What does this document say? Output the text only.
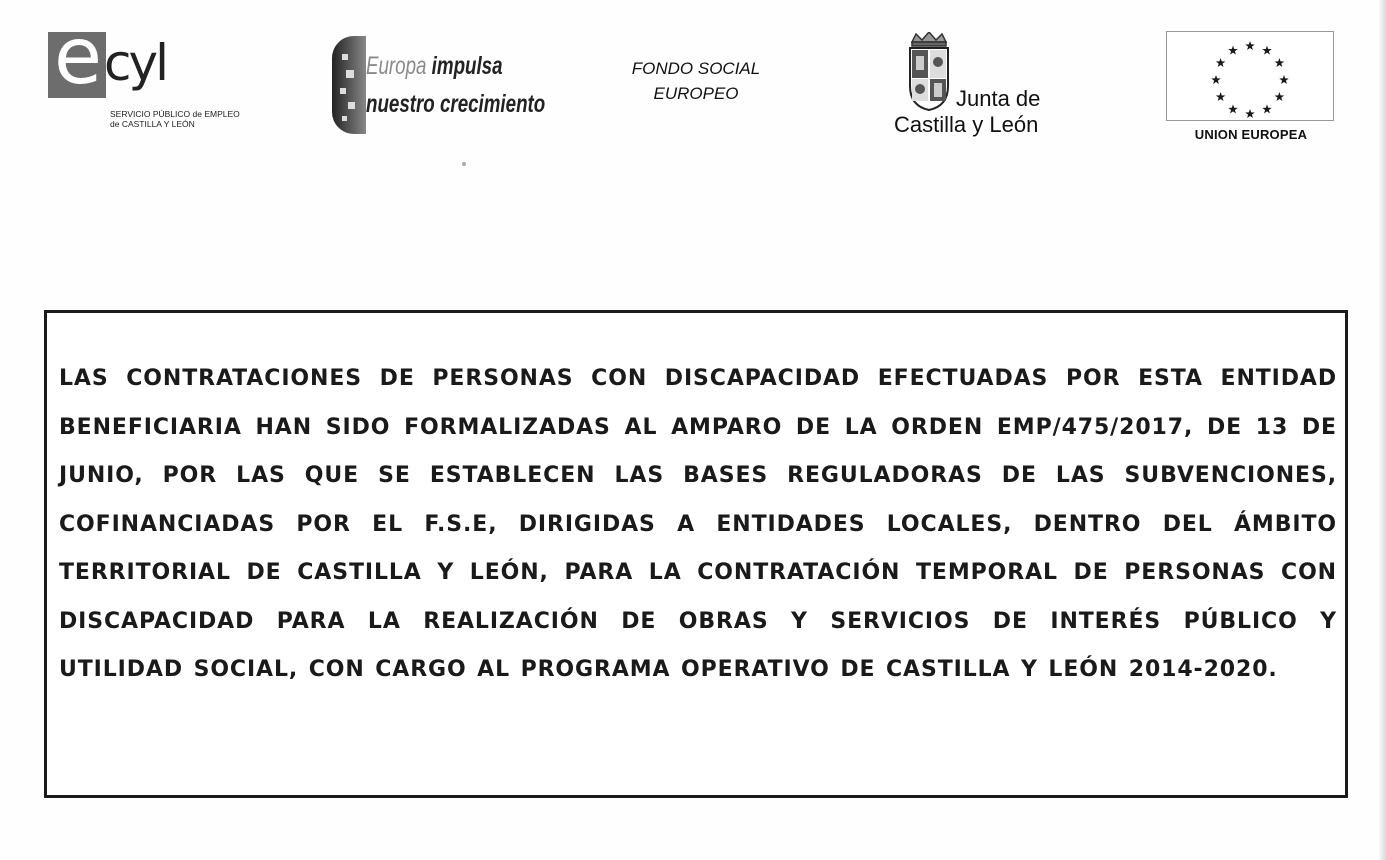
e cyl
SERVICIO PÚBLICO de EMPLEO
de CASTILLA Y LEÓN
Europa impulsa
nuestro crecimiento
FONDO SOCIAL
EUROPEO	Junta de
Castilla y León	UNION EUROPEA

LAS CONTRATACIONES DE PERSONAS CON DISCAPACIDAD EFECTUADAS POR ESTA ENTIDAD BENEFICIARIA HAN SIDO FORMALIZADAS AL AMPARO DE LA ORDEN EMP/475/2017, DE 13 DE JUNIO, POR LAS QUE SE ESTABLECEN LAS BASES REGULADORAS DE LAS SUBVENCIONES, COFINANCIADAS POR EL F.S.E, DIRIGIDAS A ENTIDADES LOCALES, DENTRO DEL ÁMBITO TERRITORIAL DE CASTILLA Y LEÓN, PARA LA CONTRATACIÓN TEMPORAL DE PERSONAS CON DISCAPACIDAD PARA LA REALIZACIÓN DE OBRAS Y SERVICIOS DE INTERÉS PÚBLICO Y UTILIDAD SOCIAL, CON CARGO AL PROGRAMA OPERATIVO DE CASTILLA Y LEÓN 2014-2020.
